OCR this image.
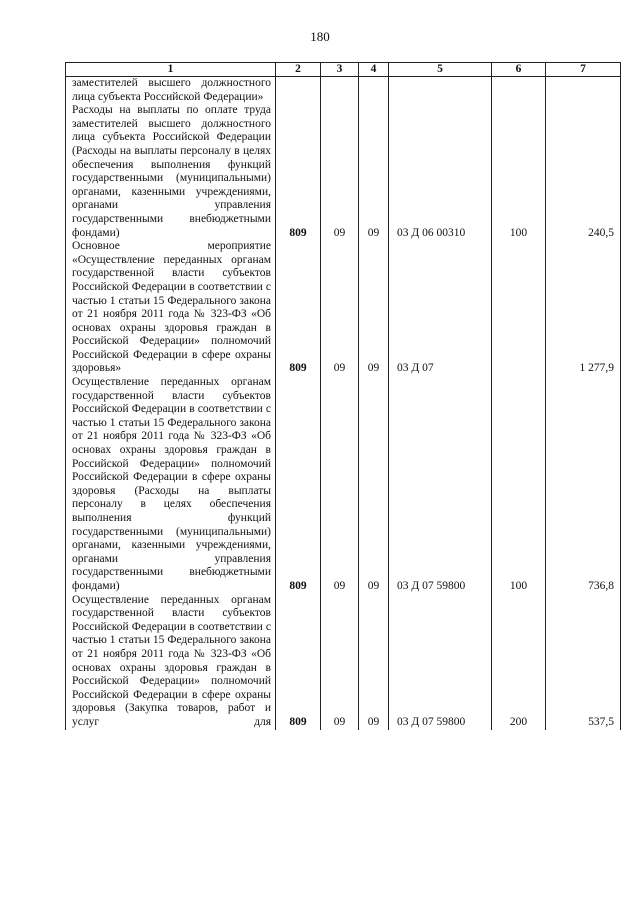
180
1	2	3	4	5	6	7
заместителей высшего должностного лица субъекта Российской Федерации»						
Расходы на выплаты по оплате труда заместителей высшего должностного лица субъекта Российской Федерации (Расходы на выплаты персоналу в целях обеспечения выполнения функций государственными (муниципальными) органами, казенными учреждениями, органами управления государственными внебюджетными фондами)	809	09	09	03 Д 06 00310	100	240,5
Основное мероприятие «Осуществление переданных органам государственной власти субъектов Российской Федерации в соответствии с частью 1 статьи 15 Федерального закона от 21 ноября 2011 года № 323-ФЗ «Об основах охраны здоровья граждан в Российской Федерации» полномочий Российской Федерации в сфере охраны здоровья»	809	09	09	03 Д 07		1 277,9
Осуществление переданных органам государственной власти субъектов Российской Федерации в соответствии с частью 1 статьи 15 Федерального закона от 21 ноября 2011 года № 323-ФЗ «Об основах охраны здоровья граждан в Российской Федерации» полномочий Российской Федерации в сфере охраны здоровья (Расходы на выплаты персоналу в целях обеспечения выполнения функций государственными (муниципальными) органами, казенными учреждениями, органами управления государственными внебюджетными фондами)	809	09	09	03 Д 07 59800	100	736,8
Осуществление переданных органам государственной власти субъектов Российской Федерации в соответствии с частью 1 статьи 15 Федерального закона от 21 ноября 2011 года № 323-ФЗ «Об основах охраны здоровья граждан в Российской Федерации» полномочий Российской Федерации в сфере охраны здоровья (Закупка товаров, работ и услуг для	809	09	09	03 Д 07 59800	200	537,5
